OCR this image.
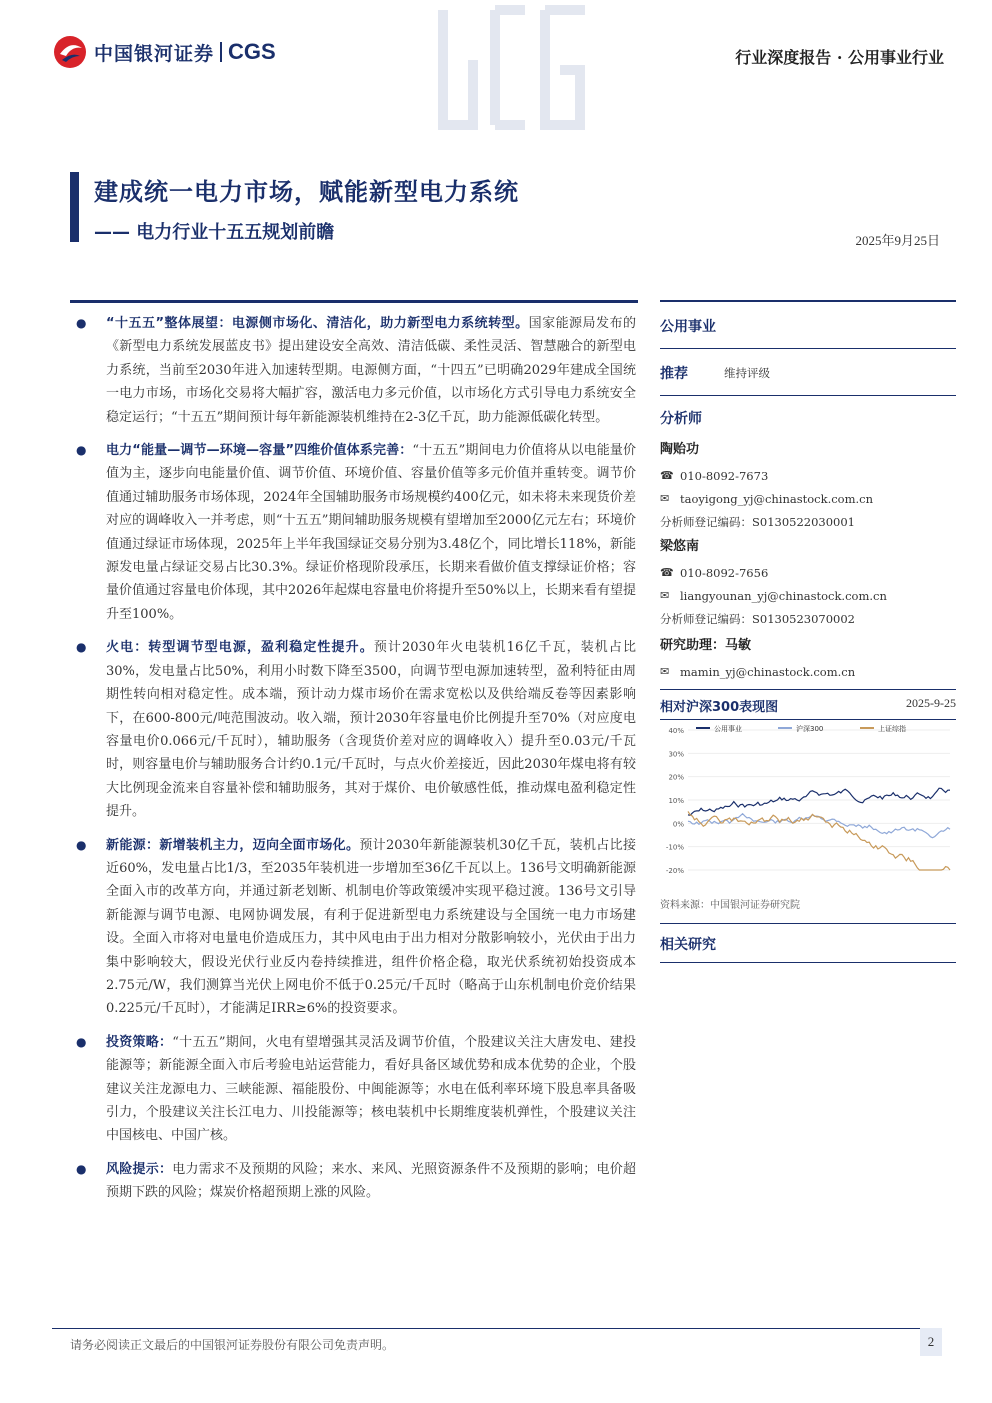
中国银河证券 CGS	行业深度报告 · 公用事业行业
建成统一电力市场，赋能新型电力系统
—— 电力行业十五五规划前瞻	2025年9月25日
● “十五五”整体展望：电源侧市场化、清洁化，助力新型电力系统转型。国家能源局发布的《新型电力系统发展蓝皮书》提出建设安全高效、清洁低碳、柔性灵活、智慧融合的新型电力系统，当前至2030年进入加速转型期。电源侧方面，“十四五”已明确2029年建成全国统一电力市场，市场化交易将大幅扩容，激活电力多元价值，以市场化方式引导电力系统安全稳定运行；“十五五”期间预计每年新能源装机维持在2-3亿千瓦，助力能源低碳化转型。
● 电力“能量—调节—环境—容量”四维价值体系完善：“十五五”期间电力价值将从以电能量价值为主，逐步向电能量价值、调节价值、环境价值、容量价值等多元价值并重转变。调节价值通过辅助服务市场体现，2024年全国辅助服务市场规模约400亿元，如未将未来现货价差对应的调峰收入一并考虑，则“十五五”期间辅助服务规模有望增加至2000亿元左右；环境价值通过绿证市场体现，2025年上半年我国绿证交易分别为3.48亿个，同比增长118%，新能源发电量占绿证交易占比30.3%。绿证价格现阶段承压，长期来看做价值支撑绿证价格；容量价值通过容量电价体现，其中2026年起煤电容量电价将提升至50%以上，长期来看有望提升至100%。
● 火电：转型调节型电源，盈利稳定性提升。预计2030年火电装机16亿千瓦，装机占比30%，发电量占比50%，利用小时数下降至3500，向调节型电源加速转型，盈利特征由周期性转向相对稳定性。成本端，预计动力煤市场价在需求宽松以及供给端反卷等因素影响下，在600-800元/吨范围波动。收入端，预计2030年容量电价比例提升至70%（对应度电容量电价0.066元/千瓦时），辅助服务（含现货价差对应的调峰收入）提升至0.03元/千瓦时，则容量电价与辅助服务合计约0.1元/千瓦时，与点火价差接近，因此2030年煤电将有较大比例现金流来自容量补偿和辅助服务，其对于煤价、电价敏感性低，推动煤电盈利稳定性提升。
● 新能源：新增装机主力，迈向全面市场化。预计2030年新能源装机30亿千瓦，装机占比接近60%，发电量占比1/3，至2035年装机进一步增加至36亿千瓦以上。136号文明确新能源全面入市的改革方向，并通过新老划断、机制电价等政策缓冲实现平稳过渡。136号文引导新能源与调节电源、电网协调发展，有利于促进新型电力系统建设与全国统一电力市场建设。全面入市将对电量电价造成压力，其中风电由于出力相对分散影响较小，光伏由于出力集中影响较大，假设光伏行业反内卷持续推进，组件价格企稳，取光伏系统初始投资成本2.75元/W，我们测算当光伏上网电价不低于0.25元/千瓦时（略高于山东机制电价竞价结果0.225元/千瓦时），才能满足IRR≥6%的投资要求。
● 投资策略：“十五五”期间，火电有望增强其灵活及调节价值，个股建议关注大唐发电、建投能源等；新能源全面入市后考验电站运营能力，看好具备区域优势和成本优势的企业，个股建议关注龙源电力、三峡能源、福能股份、中闽能源等；水电在低利率环境下股息率具备吸引力，个股建议关注长江电力、川投能源等；核电装机中长期维度装机弹性，个股建议关注中国核电、中国广核。
● 风险提示：电力需求不及预期的风险；来水、来风、光照资源条件不及预期的影响；电价超预期下跌的风险；煤炭价格超预期上涨的风险。
公用事业
推荐	维持评级
分析师
陶贻功
☎ 010-8092-7673
✉ taoyigong_yj@chinastock.com.cn
分析师登记编码：S0130522030001
梁悠南
☎ 010-8092-7656
✉ liangyounan_yj@chinastock.com.cn
分析师登记编码：S0130523070002
研究助理：马敏
✉ mamin_yj@chinastock.com.cn
相对沪深300表现图	2025-9-25
40%
30%
20%
10%
0%
-10%
-20%
公用事业	沪深300	上证综指
资料来源：中国银河证券研究院
相关研究
请务必阅读正文最后的中国银河证券股份有限公司免责声明。	2
